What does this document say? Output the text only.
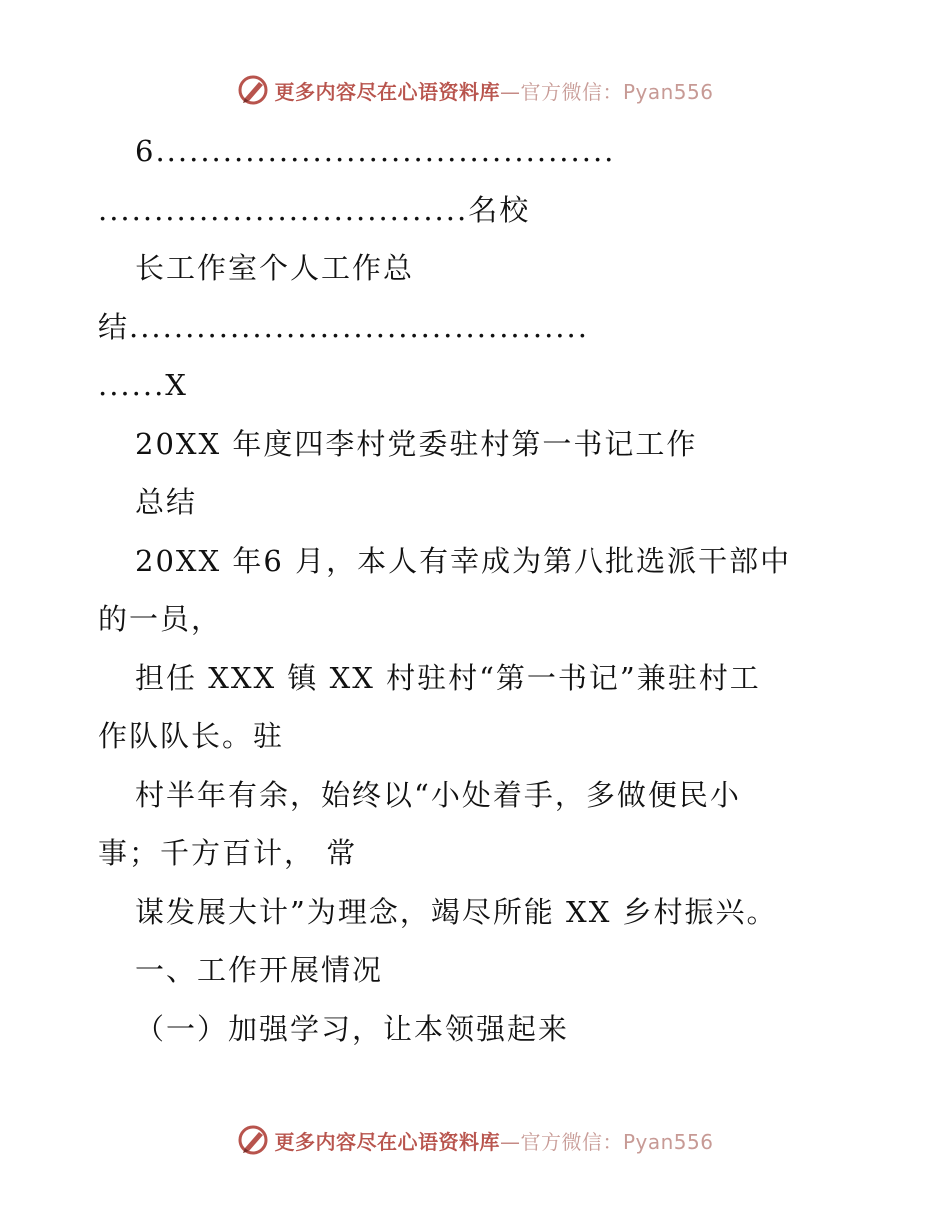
更多内容尽在心语资料库—官方微信：Pyan556
6.........................................
.................................名校
长工作室个人工作总
结.........................................
......X
20XX 年度四李村党委驻村第一书记工作
总结
20XX 年6 月，本人有幸成为第八批选派干部中
的一员，
担任 XXX 镇 XX 村驻村“第一书记”兼驻村工
作队队长。驻
村半年有余，始终以“小处着手，多做便民小
事；千方百计， 常
谋发展大计”为理念，竭尽所能 XX 乡村振兴。
一、工作开展情况
（一）加强学习，让本领强起来
更多内容尽在心语资料库—官方微信：Pyan556
